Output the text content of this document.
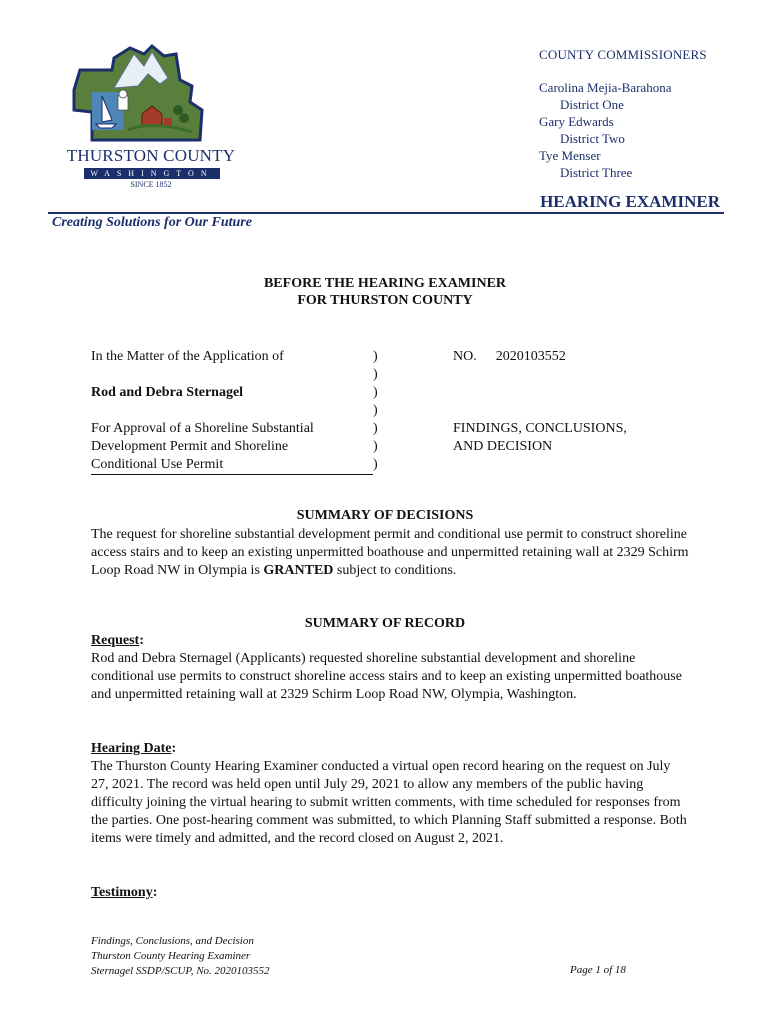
THURSTON COUNTY
WASHINGTON
SINCE 1852
COUNTY COMMISSIONERS
Carolina Mejia-Barahona
District One
Gary Edwards
District Two
Tye Menser
District Three
HEARING EXAMINER
Creating Solutions for Our Future
BEFORE THE HEARING EXAMINER
FOR THURSTON COUNTY
In the Matter of the Application of
Rod and Debra Sternagel
For Approval of a Shoreline Substantial
Development Permit and Shoreline
Conditional Use Permit
)
)
)
)
)
)
)
NO. 2020103552
FINDINGS, CONCLUSIONS,
AND DECISION
SUMMARY OF DECISIONS
The request for shoreline substantial development permit and conditional use permit to construct shoreline access stairs and to keep an existing unpermitted boathouse and unpermitted retaining wall at 2329 Schirm Loop Road NW in Olympia is GRANTED subject to conditions.
SUMMARY OF RECORD
Request:
Rod and Debra Sternagel (Applicants) requested shoreline substantial development and shoreline conditional use permits to construct shoreline access stairs and to keep an existing unpermitted boathouse and unpermitted retaining wall at 2329 Schirm Loop Road NW, Olympia, Washington.
Hearing Date:
The Thurston County Hearing Examiner conducted a virtual open record hearing on the request on July 27, 2021. The record was held open until July 29, 2021 to allow any members of the public having difficulty joining the virtual hearing to submit written comments, with time scheduled for responses from the parties. One post-hearing comment was submitted, to which Planning Staff submitted a response. Both items were timely and admitted, and the record closed on August 2, 2021.
Testimony:
Findings, Conclusions, and Decision
Thurston County Hearing Examiner
Sternagel SSDP/SCUP, No. 2020103552	Page 1 of 18
